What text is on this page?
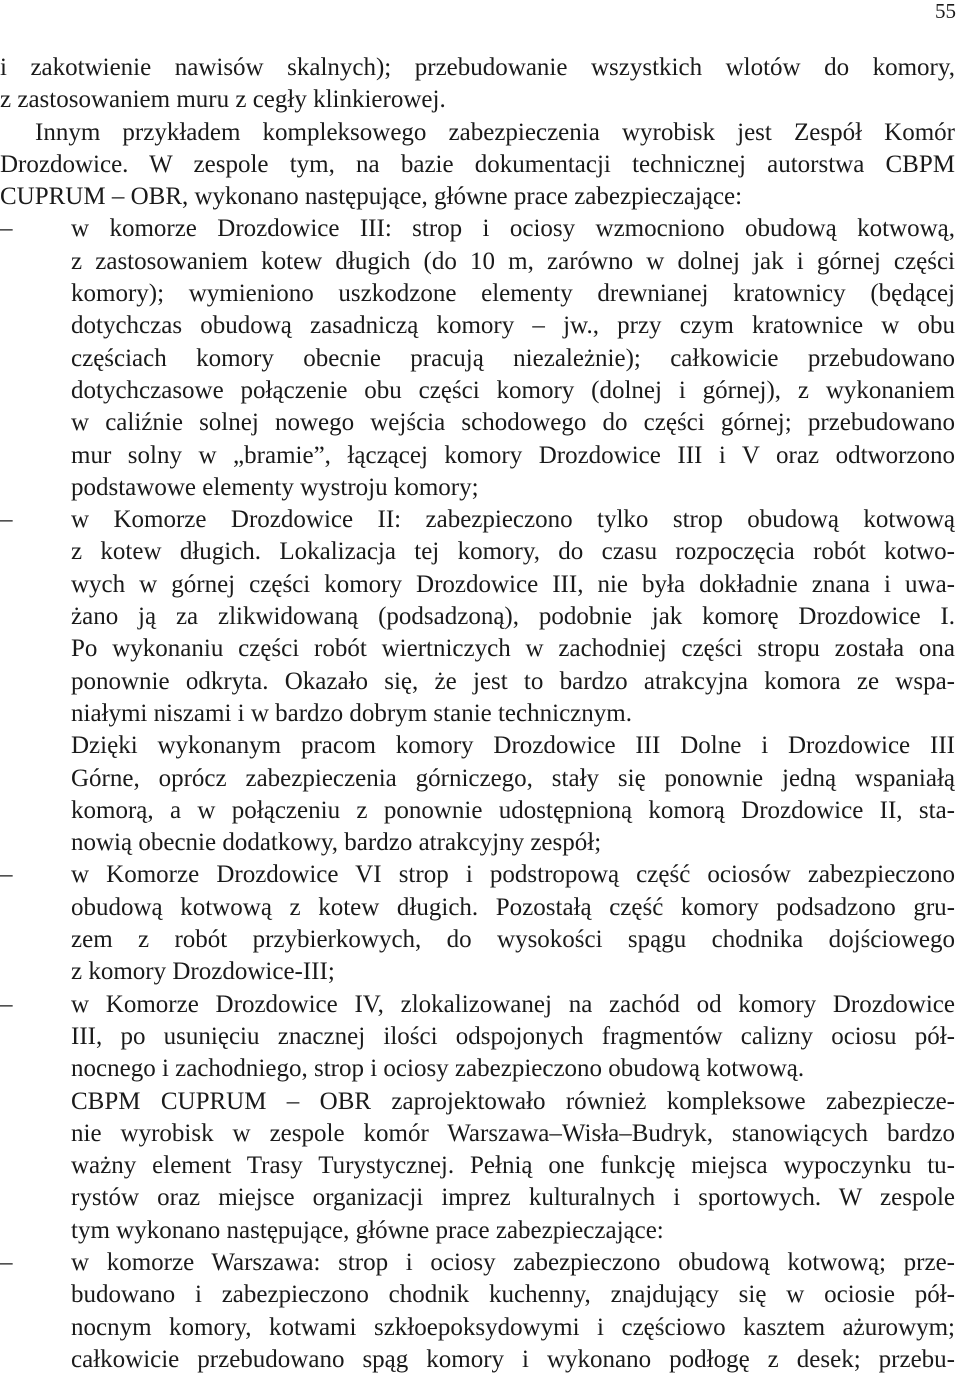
55
i zakotwienie nawisów skalnych); przebudowanie wszystkich wlotów do komory,
z zastosowaniem muru z cegły klinkierowej.
Innym przykładem kompleksowego zabezpieczenia wyrobisk jest Zespół Komór
Drozdowice. W zespole tym, na bazie dokumentacji technicznej autorstwa CBPM
CUPRUM – OBR, wykonano następujące, główne prace zabezpieczające:
–	w komorze Drozdowice III: strop i ociosy wzmocniono obudową kotwową,
z zastosowaniem kotew długich (do 10 m, zarówno w dolnej jak i górnej części
komory); wymieniono uszkodzone elementy drewnianej kratownicy (będącej
dotychczas obudową zasadniczą komory – jw., przy czym kratownice w obu
częściach komory obecnie pracują niezależnie); całkowicie przebudowano
dotychczasowe połączenie obu części komory (dolnej i górnej), z wykonaniem
w caliźnie solnej nowego wejścia schodowego do części górnej; przebudowano
mur solny w „bramie”, łączącej komory Drozdowice III i V oraz odtworzono
podstawowe elementy wystroju komory;
–	w Komorze Drozdowice II: zabezpieczono tylko strop obudową kotwową
z kotew długich. Lokalizacja tej komory, do czasu rozpoczęcia robót kotwo-
wych w górnej części komory Drozdowice III, nie była dokładnie znana i uwa-
żano ją za zlikwidowaną (podsadzoną), podobnie jak komorę Drozdowice I.
Po wykonaniu części robót wiertniczych w zachodniej części stropu została ona
ponownie odkryta. Okazało się, że jest to bardzo atrakcyjna komora ze wspa-
niałymi niszami i w bardzo dobrym stanie technicznym.
Dzięki wykonanym pracom komory Drozdowice III Dolne i Drozdowice III
Górne, oprócz zabezpieczenia górniczego, stały się ponownie jedną wspaniałą
komorą, a w połączeniu z ponownie udostępnioną komorą Drozdowice II, sta-
nowią obecnie dodatkowy, bardzo atrakcyjny zespół;
–	w Komorze Drozdowice VI strop i podstropową część ociosów zabezpieczono
obudową kotwową z kotew długich. Pozostałą część komory podsadzono gru-
zem z robót przybierkowych, do wysokości spągu chodnika dojściowego
z komory Drozdowice-III;
–	w Komorze Drozdowice IV, zlokalizowanej na zachód od komory Drozdowice
III, po usunięciu znacznej ilości odspojonych fragmentów calizny ociosu pół-
nocnego i zachodniego, strop i ociosy zabezpieczono obudową kotwową.
CBPM CUPRUM – OBR zaprojektowało również kompleksowe zabezpiecze-
nie wyrobisk w zespole komór Warszawa–Wisła–Budryk, stanowiących bardzo
ważny element Trasy Turystycznej. Pełnią one funkcję miejsca wypoczynku tu-
rystów oraz miejsce organizacji imprez kulturalnych i sportowych. W zespole
tym wykonano następujące, główne prace zabezpieczające:
–	w komorze Warszawa: strop i ociosy zabezpieczono obudową kotwową; prze-
budowano i zabezpieczono chodnik kuchenny, znajdujący się w ociosie pół-
nocnym komory, kotwami szkłoepoksydowymi i częściowo kasztem ażurowym;
całkowicie przebudowano spąg komory i wykonano podłogę z desek; przebu-
